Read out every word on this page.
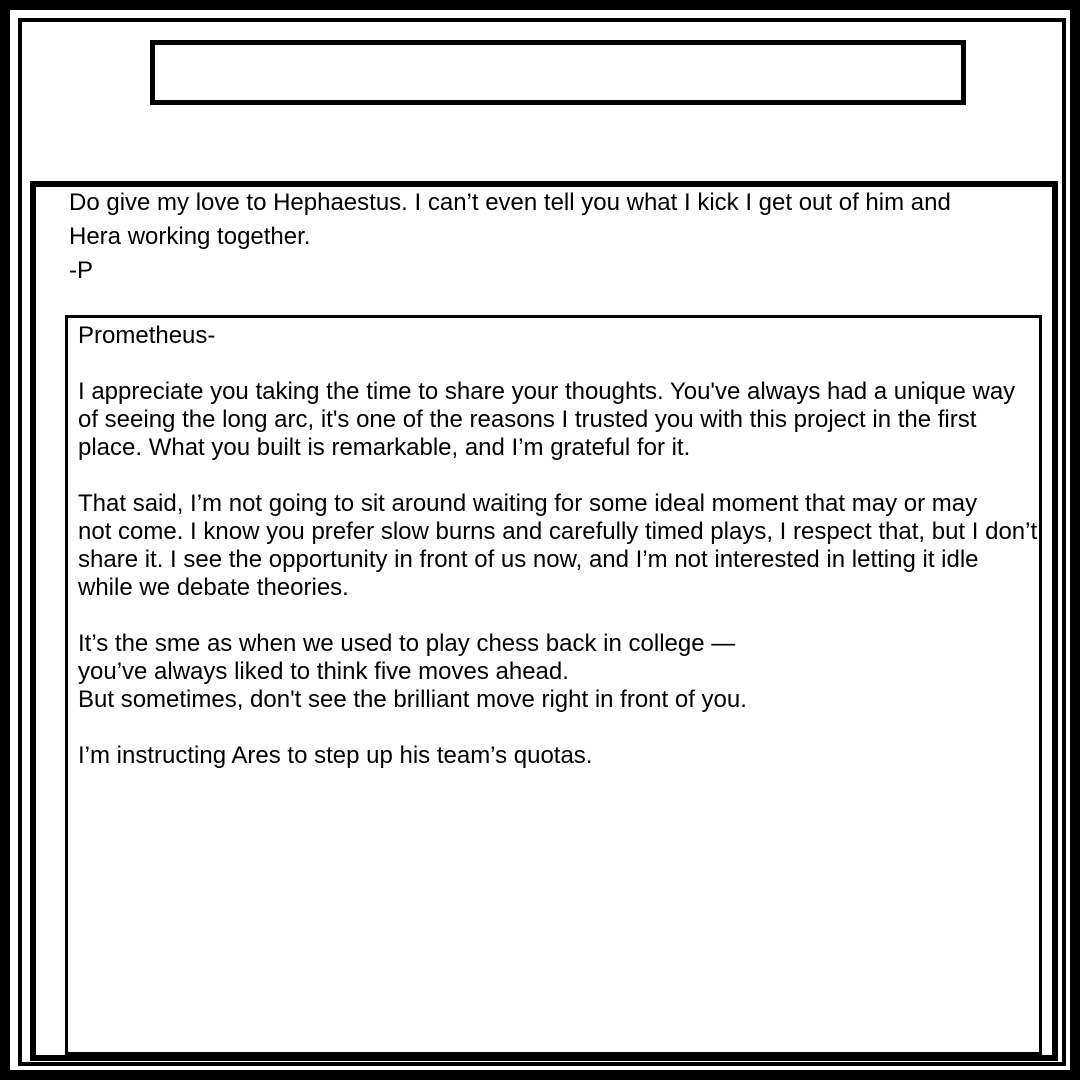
Do give my love to Hephaestus. I can’t even tell you what I kick I get out of him and

Hera working together.

-P

Prometheus-

I appreciate you taking the time to share your thoughts. You've always had a unique way

of seeing the long arc, it's one of the reasons I trusted you with this project in the first

place. What you built is remarkable, and I’m grateful for it.

That said, I’m not going to sit around waiting for some ideal moment that may or may

not come. I know you prefer slow burns and carefully timed plays, I respect that, but I don’t

share it. I see the opportunity in front of us now, and I’m not interested in letting it idle

while we debate theories.

It’s the sme as when we used to play chess back in college —

you’ve always liked to think five moves ahead.

But sometimes, don't see the brilliant move right in front of you.

I’m instructing Ares to step up his team’s quotas.
